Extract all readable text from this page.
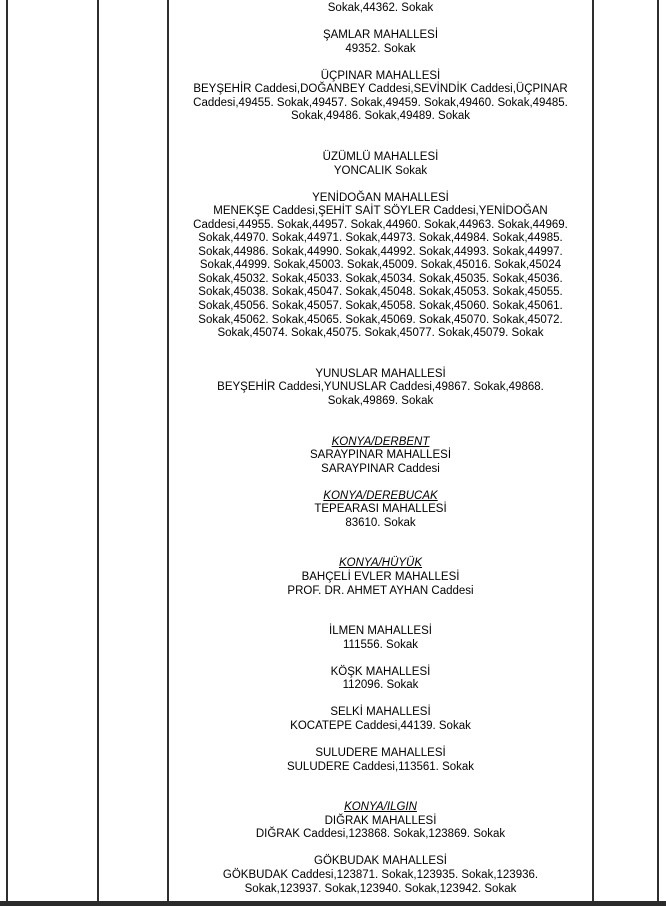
Sokak,44362. Sokak

ŞAMLAR MAHALLESİ
49352. Sokak

ÜÇPINAR MAHALLESİ
BEYŞEHİR Caddesi,DOĞANBEY Caddesi,SEVİNDİK Caddesi,ÜÇPINAR
Caddesi,49455. Sokak,49457. Sokak,49459. Sokak,49460. Sokak,49485.
Sokak,49486. Sokak,49489. Sokak

ÜZÜMLÜ MAHALLESİ
YONCALIK Sokak

YENİDOĞAN MAHALLESİ
MENEKŞE Caddesi,ŞEHİT SAİT SÖYLER Caddesi,YENİDOĞAN
Caddesi,44955. Sokak,44957. Sokak,44960. Sokak,44963. Sokak,44969.
Sokak,44970. Sokak,44971. Sokak,44973. Sokak,44984. Sokak,44985.
Sokak,44986. Sokak,44990. Sokak,44992. Sokak,44993. Sokak,44997.
Sokak,44999. Sokak,45003. Sokak,45009. Sokak,45016. Sokak,45024
Sokak,45032. Sokak,45033. Sokak,45034. Sokak,45035. Sokak,45036.
Sokak,45038. Sokak,45047. Sokak,45048. Sokak,45053. Sokak,45055.
Sokak,45056. Sokak,45057. Sokak,45058. Sokak,45060. Sokak,45061.
Sokak,45062. Sokak,45065. Sokak,45069. Sokak,45070. Sokak,45072.
Sokak,45074. Sokak,45075. Sokak,45077. Sokak,45079. Sokak

YUNUSLAR MAHALLESİ
BEYŞEHİR Caddesi,YUNUSLAR Caddesi,49867. Sokak,49868.
Sokak,49869. Sokak

KONYA/DERBENT
SARAYPINAR MAHALLESİ
SARAYPINAR Caddesi

KONYA/DEREBUCAK
TEPEARASI MAHALLESİ
83610. Sokak

KONYA/HÜYÜK
BAHÇELİ EVLER MAHALLESİ
PROF. DR. AHMET AYHAN Caddesi

İLMEN MAHALLESİ
111556. Sokak

KÖŞK MAHALLESİ
112096. Sokak

SELKİ MAHALLESİ
KOCATEPE Caddesi,44139. Sokak

SULUDERE MAHALLESİ
SULUDERE Caddesi,113561. Sokak

KONYA/ILGIN
DIĞRAK MAHALLESİ
DIĞRAK Caddesi,123868. Sokak,123869. Sokak

GÖKBUDAK MAHALLESİ
GÖKBUDAK Caddesi,123871. Sokak,123935. Sokak,123936.
Sokak,123937. Sokak,123940. Sokak,123942. Sokak
